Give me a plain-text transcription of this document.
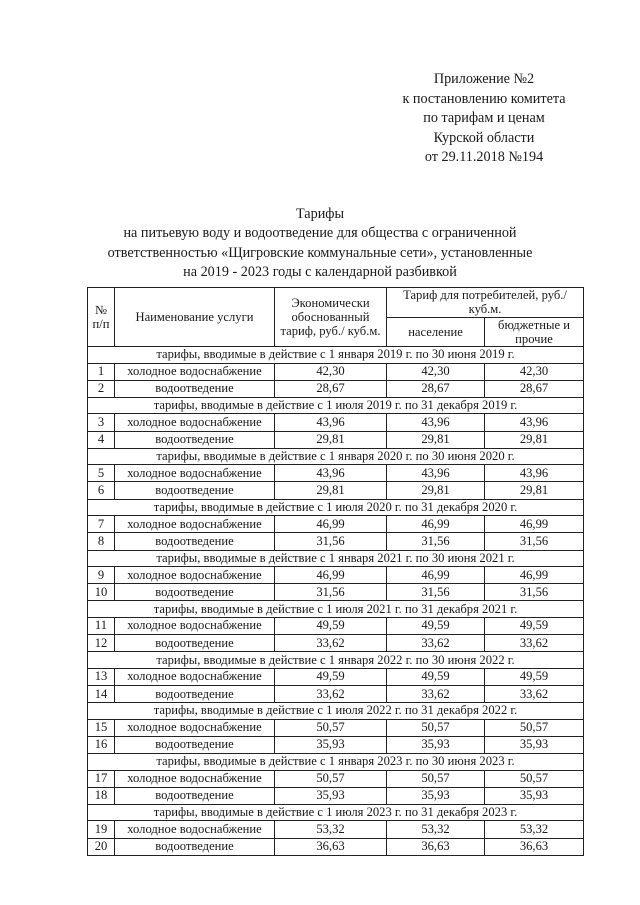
Приложение №2
к постановлению комитета
по тарифам и ценам
Курской области
от 29.11.2018 №194
Тарифы
на питьевую воду и водоотведение для общества с ограниченной
ответственностью «Щигровские коммунальные сети», установленные
на 2019 - 2023 годы с календарной разбивкой
№ п/п	Наименование услуги	Экономически обоснованный тариф, руб./ куб.м.	Тариф для потребителей, руб./куб.м.	
			население	бюджетные и прочие
тарифы, вводимые в действие с 1 января 2019 г. по 30 июня 2019 г.				
1	холодное водоснабжение	42,30	42,30	42,30
2	водоотведение	28,67	28,67	28,67
тарифы, вводимые в действие с 1 июля 2019 г. по 31 декабря 2019 г.				
3	холодное водоснабжение	43,96	43,96	43,96
4	водоотведение	29,81	29,81	29,81
тарифы, вводимые в действие с 1 января 2020 г. по 30 июня 2020 г.				
5	холодное водоснабжение	43,96	43,96	43,96
6	водоотведение	29,81	29,81	29,81
тарифы, вводимые в действие с 1 июля 2020 г. по 31 декабря 2020 г.				
7	холодное водоснабжение	46,99	46,99	46,99
8	водоотведение	31,56	31,56	31,56
тарифы, вводимые в действие с 1 января 2021 г. по 30 июня 2021 г.				
9	холодное водоснабжение	46,99	46,99	46,99
10	водоотведение	31,56	31,56	31,56
тарифы, вводимые в действие с 1 июля 2021 г. по 31 декабря 2021 г.				
11	холодное водоснабжение	49,59	49,59	49,59
12	водоотведение	33,62	33,62	33,62
тарифы, вводимые в действие с 1 января 2022 г. по 30 июня 2022 г.				
13	холодное водоснабжение	49,59	49,59	49,59
14	водоотведение	33,62	33,62	33,62
тарифы, вводимые в действие с 1 июля 2022 г. по 31 декабря 2022 г.				
15	холодное водоснабжение	50,57	50,57	50,57
16	водоотведение	35,93	35,93	35,93
тарифы, вводимые в действие с 1 января 2023 г. по 30 июня 2023 г.				
17	холодное водоснабжение	50,57	50,57	50,57
18	водоотведение	35,93	35,93	35,93
тарифы, вводимые в действие с 1 июля 2023 г. по 31 декабря 2023 г.				
19	холодное водоснабжение	53,32	53,32	53,32
20	водоотведение	36,63	36,63	36,63
